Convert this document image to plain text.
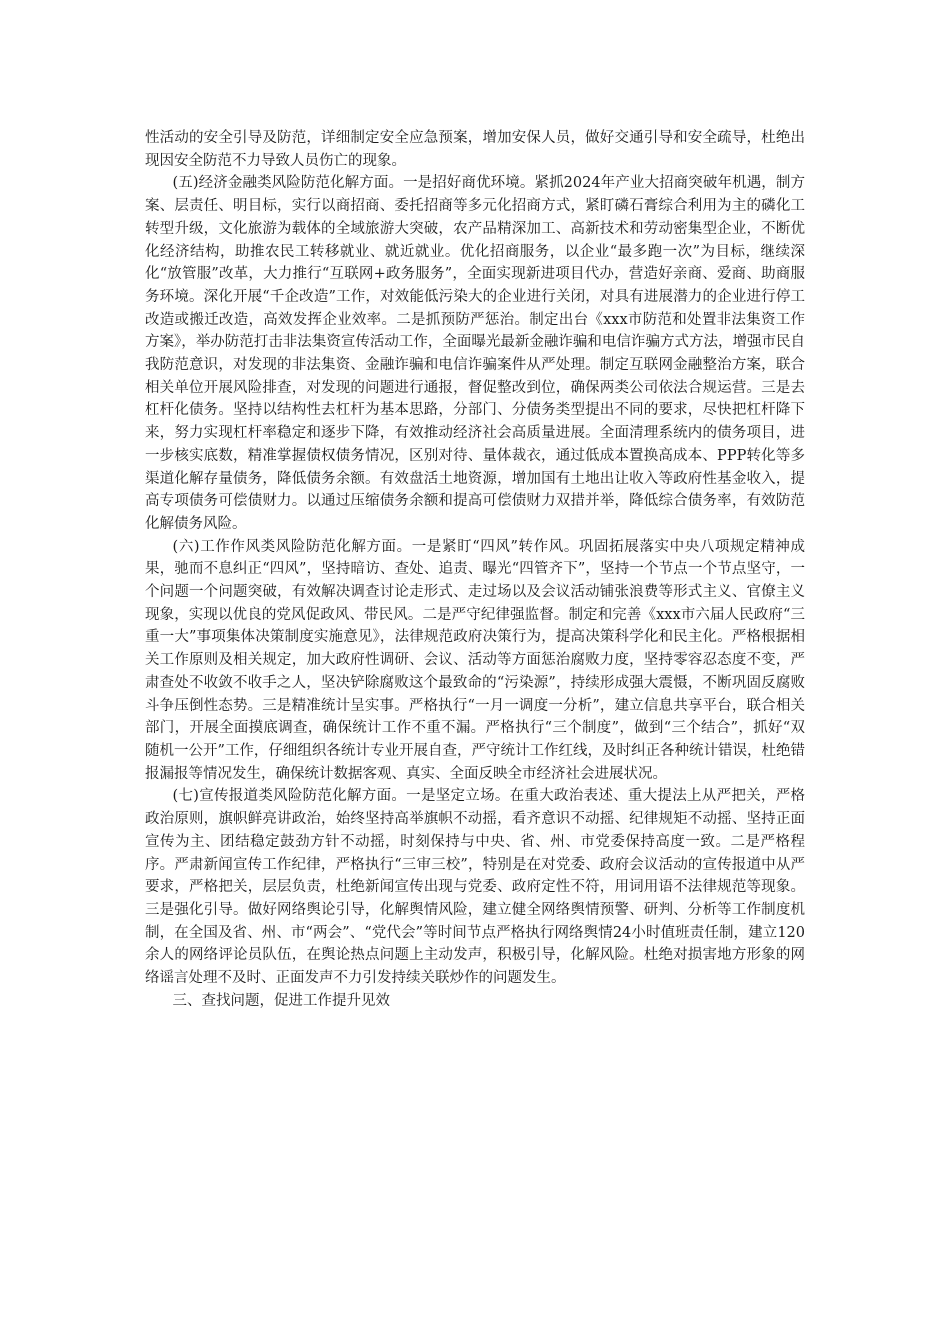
性活动的安全引导及防范，详细制定安全应急预案，增加安保人员，做好交通引导和安全疏导，杜绝出现因安全防范不力导致人员伤亡的现象。

(五)经济金融类风险防范化解方面。一是招好商优环境。紧抓2024年产业大招商突破年机遇，制方案、层责任、明目标，实行以商招商、委托招商等多元化招商方式，紧盯磷石膏综合利用为主的磷化工转型升级，文化旅游为载体的全域旅游大突破，农产品精深加工、高新技术和劳动密集型企业，不断优化经济结构，助推农民工转移就业、就近就业。优化招商服务，以企业“最多跑一次”为目标，继续深化“放管服”改革，大力推行“互联网+政务服务”，全面实现新进项目代办，营造好亲商、爱商、助商服务环境。深化开展“千企改造”工作，对效能低污染大的企业进行关闭，对具有进展潜力的企业进行停工改造或搬迁改造，高效发挥企业效率。二是抓预防严惩治。制定出台《xxx市防范和处置非法集资工作方案》，举办防范打击非法集资宣传活动工作，全面曝光最新金融诈骗和电信诈骗方式方法，增强市民自我防范意识，对发现的非法集资、金融诈骗和电信诈骗案件从严处理。制定互联网金融整治方案，联合相关单位开展风险排查，对发现的问题进行通报，督促整改到位，确保两类公司依法合规运营。三是去杠杆化债务。坚持以结构性去杠杆为基本思路，分部门、分债务类型提出不同的要求，尽快把杠杆降下来，努力实现杠杆率稳定和逐步下降，有效推动经济社会高质量进展。全面清理系统内的债务项目，进一步核实底数，精准掌握债权债务情况，区别对待、量体裁衣，通过低成本置换高成本、PPP转化等多渠道化解存量债务，降低债务余额。有效盘活土地资源，增加国有土地出让收入等政府性基金收入，提高专项债务可偿债财力。以通过压缩债务余额和提高可偿债财力双措并举，降低综合债务率，有效防范化解债务风险。

(六)工作作风类风险防范化解方面。一是紧盯“四风”转作风。巩固拓展落实中央八项规定精神成果，驰而不息纠正“四风”，坚持暗访、查处、追责、曝光“四管齐下”，坚持一个节点一个节点坚守，一个问题一个问题突破，有效解决调查讨论走形式、走过场以及会议活动铺张浪费等形式主义、官僚主义现象，实现以优良的党风促政风、带民风。二是严守纪律强监督。制定和完善《xxx市六届人民政府“三重一大”事项集体决策制度实施意见》，法律规范政府决策行为，提高决策科学化和民主化。严格根据相关工作原则及相关规定，加大政府性调研、会议、活动等方面惩治腐败力度，坚持零容忍态度不变，严肃查处不收敛不收手之人，坚决铲除腐败这个最致命的“污染源”，持续形成强大震慑，不断巩固反腐败斗争压倒性态势。三是精准统计呈实事。严格执行“一月一调度一分析”，建立信息共享平台，联合相关部门，开展全面摸底调查，确保统计工作不重不漏。严格执行“三个制度”，做到“三个结合”，抓好“双随机一公开”工作，仔细组织各统计专业开展自查，严守统计工作红线，及时纠正各种统计错误，杜绝错报漏报等情况发生，确保统计数据客观、真实、全面反映全市经济社会进展状况。

(七)宣传报道类风险防范化解方面。一是坚定立场。在重大政治表述、重大提法上从严把关，严格政治原则，旗帜鲜亮讲政治，始终坚持高举旗帜不动摇，看齐意识不动摇、纪律规矩不动摇、坚持正面宣传为主、团结稳定鼓劲方针不动摇，时刻保持与中央、省、州、市党委保持高度一致。二是严格程序。严肃新闻宣传工作纪律，严格执行“三审三校”，特别是在对党委、政府会议活动的宣传报道中从严要求，严格把关，层层负责，杜绝新闻宣传出现与党委、政府定性不符，用词用语不法律规范等现象。三是强化引导。做好网络舆论引导，化解舆情风险，建立健全网络舆情预警、研判、分析等工作制度机制，在全国及省、州、市“两会”、“党代会”等时间节点严格执行网络舆情24小时值班责任制，建立120余人的网络评论员队伍，在舆论热点问题上主动发声，积极引导，化解风险。杜绝对损害地方形象的网络谣言处理不及时、正面发声不力引发持续关联炒作的问题发生。

三、查找问题，促进工作提升见效
